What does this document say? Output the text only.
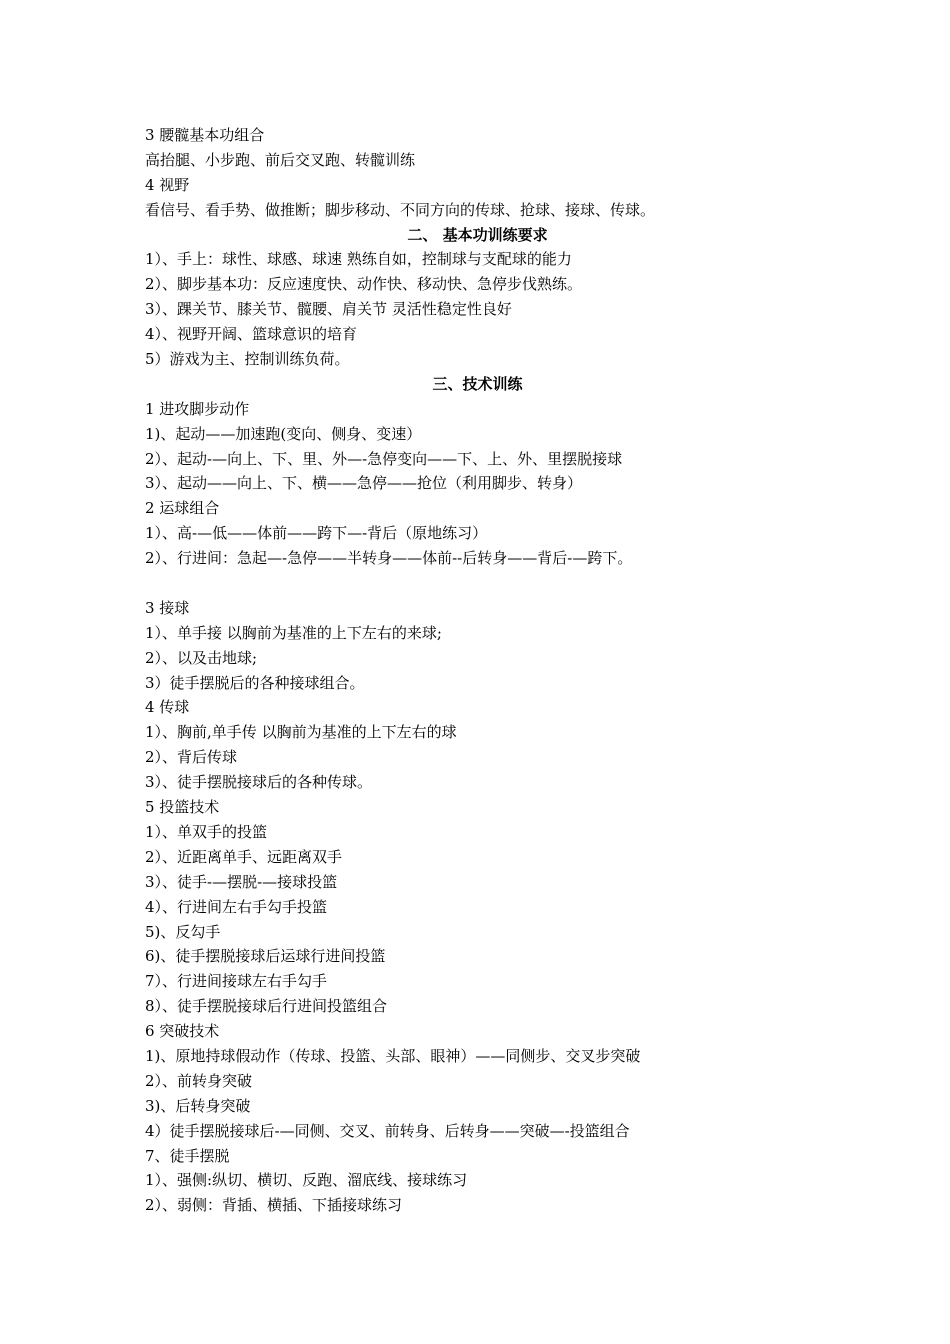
3 腰髋基本功组合
高抬腿、小步跑、前后交叉跑、转髋训练
4 视野
看信号、看手势、做推断；脚步移动、不同方向的传球、抢球、接球、传球。
二、 基本功训练要求
1）、手上：球性、球感、球速 熟练自如，控制球与支配球的能力
2）、脚步基本功：反应速度快、动作快、移动快、急停步伐熟练。
3）、踝关节、膝关节、髋腰、肩关节 灵活性稳定性良好
4）、视野开阔、篮球意识的培育
5）游戏为主、控制训练负荷。
三、技术训练
1 进攻脚步动作
1)、起动——加速跑(变向、侧身、变速）
2）、起动-—向上、下、里、外—-急停变向——下、上、外、里摆脱接球
3）、起动——向上、下、横——急停——抢位（利用脚步、转身）
2 运球组合
1）、高-—低——体前——跨下—-背后（原地练习）
2）、行进间：急起—-急停——半转身——体前--后转身——背后-—跨下。
3 接球
1）、单手接 以胸前为基准的上下左右的来球;
2）、以及击地球;
3）徒手摆脱后的各种接球组合。
4 传球
1）、胸前,单手传 以胸前为基准的上下左右的球
2）、背后传球
3）、徒手摆脱接球后的各种传球。
5 投篮技术
1）、单双手的投篮
2）、近距离单手、远距离双手
3）、徒手-—摆脱-—接球投篮
4）、行进间左右手勾手投篮
5)、反勾手
6)、徒手摆脱接球后运球行进间投篮
7）、行进间接球左右手勾手
8）、徒手摆脱接球后行进间投篮组合
6 突破技术
1)、原地持球假动作（传球、投篮、头部、眼神）——同侧步、交叉步突破
2）、前转身突破
3)、后转身突破
4）徒手摆脱接球后-—同侧、交叉、前转身、后转身——突破—-投篮组合
7、徒手摆脱
1）、强侧:纵切、横切、反跑、溜底线、接球练习
2）、弱侧：背插、横插、下插接球练习
